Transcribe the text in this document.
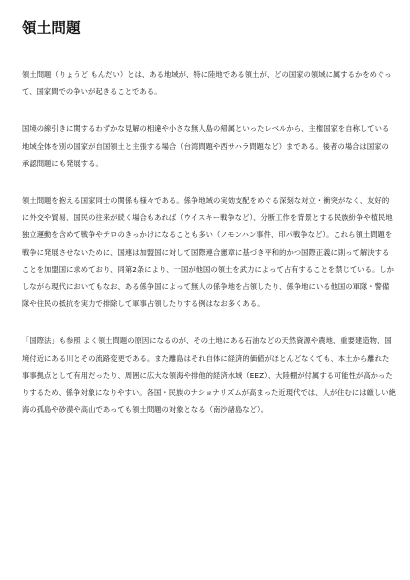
領土問題

領土問題（りょうど もんだい）とは、ある地域が、特に陸地である領土が、どの国家の領域に属するかをめぐって、国家間での争いが起きることである。

国境の線引きに関するわずかな見解の相違や小さな無人島の帰属といったレベルから、主権国家を自称している地域全体を別の国家が自国領土と主張する場合（台湾問題や西サハラ問題など）まである。後者の場合は国家の承認問題にも発展する。

領土問題を抱える国家同士の関係も様々である。係争地域の実効支配をめぐる深刻な対立・衝突がなく、友好的に外交や貿易、国民の往来が続く場合もあれば（ウイスキー戦争など）、分断工作を背景とする民族紛争や植民地独立運動を含めて戦争やテロのきっかけになることも多い（ノモンハン事件、印パ戦争など）。これら領土問題を戦争に発展させないために、国連は加盟国に対して国際連合憲章に基づき平和的かつ国際正義に則って解決することを加盟国に求めており、同第2条により、一国が他国の領土を武力によって占有することを禁じている。しかしながら現代においてもなお、ある係争国によって無人の係争地を占領したり、係争地にいる他国の軍隊・警備隊や住民の抵抗を実力で排除して軍事占領したりする例はなお多くある。

「国際法」も参照 よく領土問題の原因になるのが、その土地にある石油などの天然資源や農地、重要建造物、国境付近にある川とその流路変更である。また離島はそれ自体に経済的価値がほとんどなくても、本土から離れた事事拠点として有用だったり、周囲に広大な領海や排他的経済水域（EEZ）、大陸棚が付属する可能性が高かったりするため、係争対象になりやすい。各国・民族のナショナリズムが高まった近現代では、人が住むには厳しい絶海の孤島や砂漠や高山であっても領土問題の対象となる（南沙諸島など）。
